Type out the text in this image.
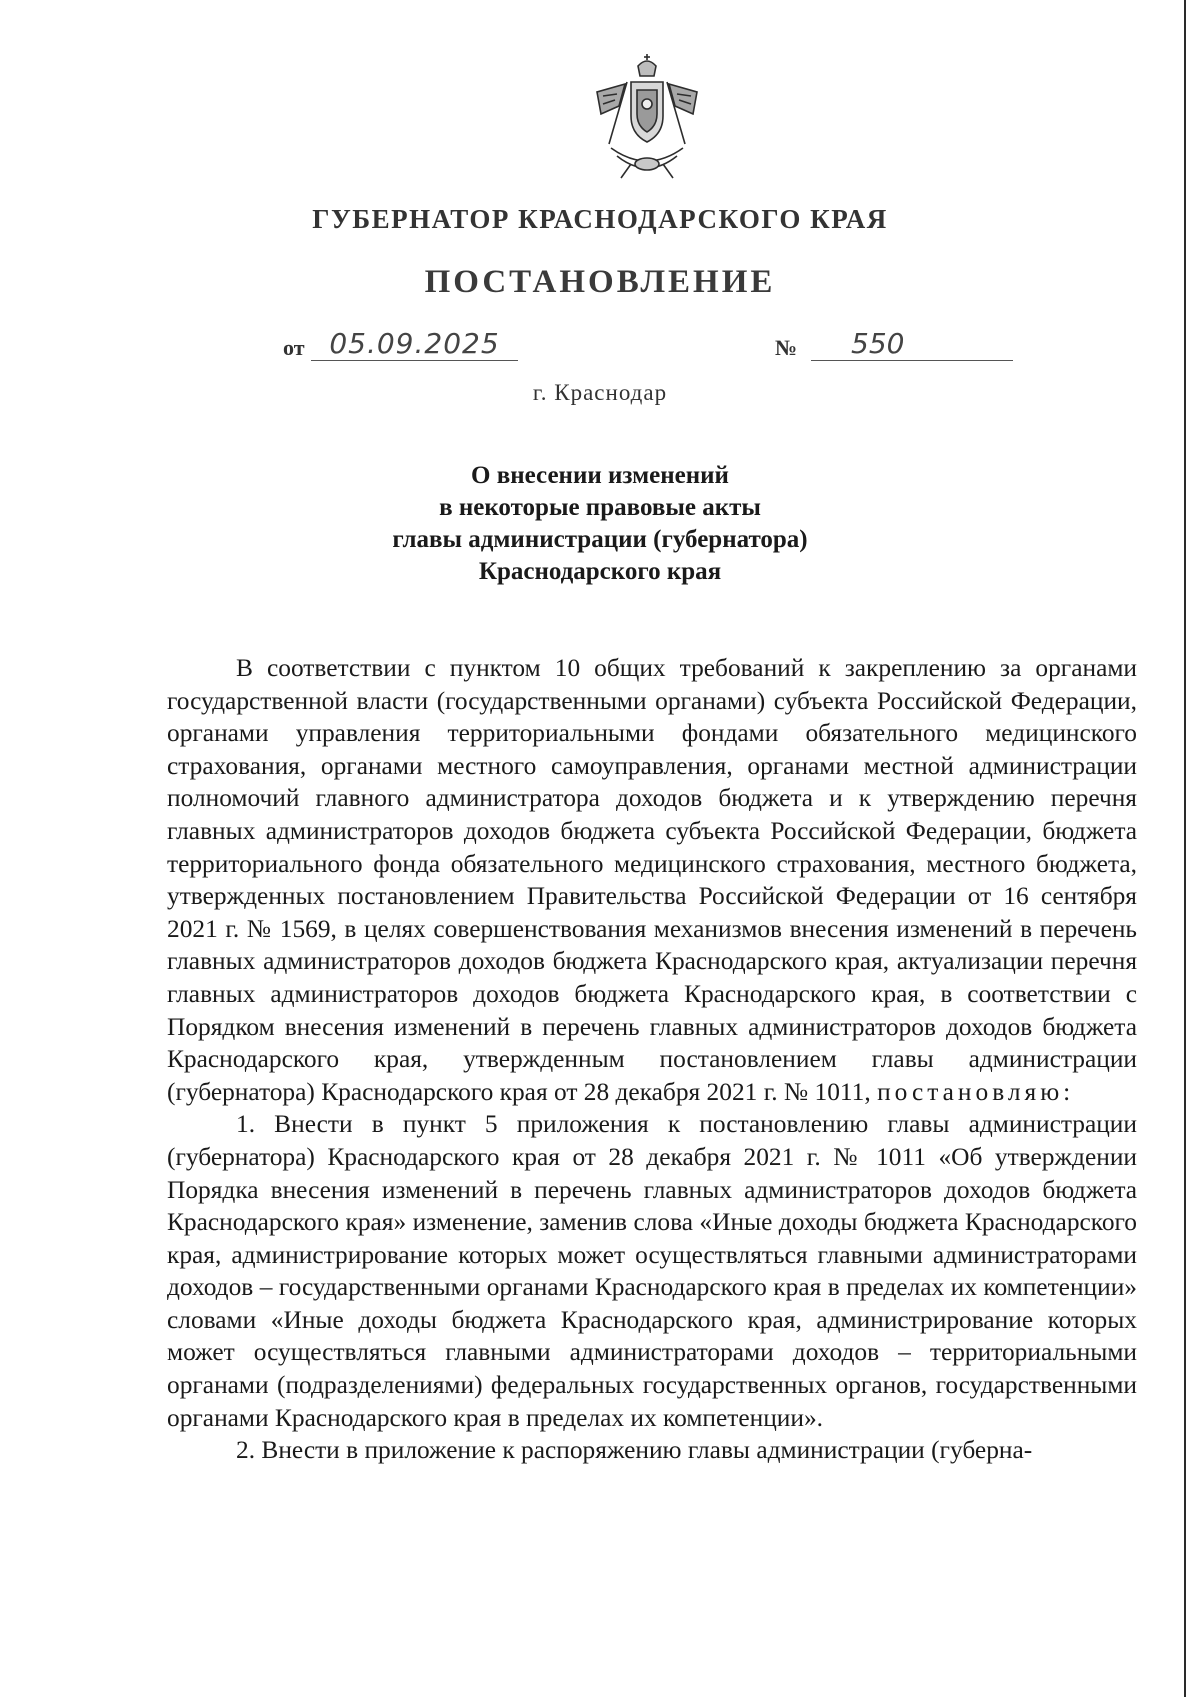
ГУБЕРНАТОР КРАСНОДАРСКОГО КРАЯ
ПОСТАНОВЛЕНИЕ
от 05.09.2025	№	550
г. Краснодар
О внесении изменений
в некоторые правовые акты
главы администрации (губернатора)
Краснодарского края

В соответствии с пунктом 10 общих требований к закреплению за органами государственной власти (государственными органами) субъекта Российской Федерации, органами управления территориальными фондами обязательного медицинского страхования, органами местного самоуправления, органами местной администрации полномочий главного администратора доходов бюджета и к утверждению перечня главных администраторов доходов бюджета субъекта Российской Федерации, бюджета территориального фонда обязательного медицинского страхования, местного бюджета, утвержденных постановлением Правительства Российской Федерации от 16 сентября 2021 г. № 1569, в целях совершенствования механизмов внесения изменений в перечень главных администраторов доходов бюджета Краснодарского края, актуализации перечня главных администраторов доходов бюджета Краснодарского края, в соответствии с Порядком внесения изменений в перечень главных администраторов доходов бюджета Краснодарского края, утвержденным постановлением главы администрации (губернатора) Краснодарского края от 28 декабря 2021 г. № 1011, постановляю:

1. Внести в пункт 5 приложения к постановлению главы администрации (губернатора) Краснодарского края от 28 декабря 2021 г. № 1011 «Об утверждении Порядка внесения изменений в перечень главных администраторов доходов бюджета Краснодарского края» изменение, заменив слова «Иные доходы бюджета Краснодарского края, администрирование которых может осуществляться главными администраторами доходов – государственными органами Краснодарского края в пределах их компетенции» словами «Иные доходы бюджета Краснодарского края, администрирование которых может осуществляться главными администраторами доходов – территориальными органами (подразделениями) федеральных государственных органов, государственными органами Краснодарского края в пределах их компетенции».

2. Внести в приложение к распоряжению главы администрации (губерна-
